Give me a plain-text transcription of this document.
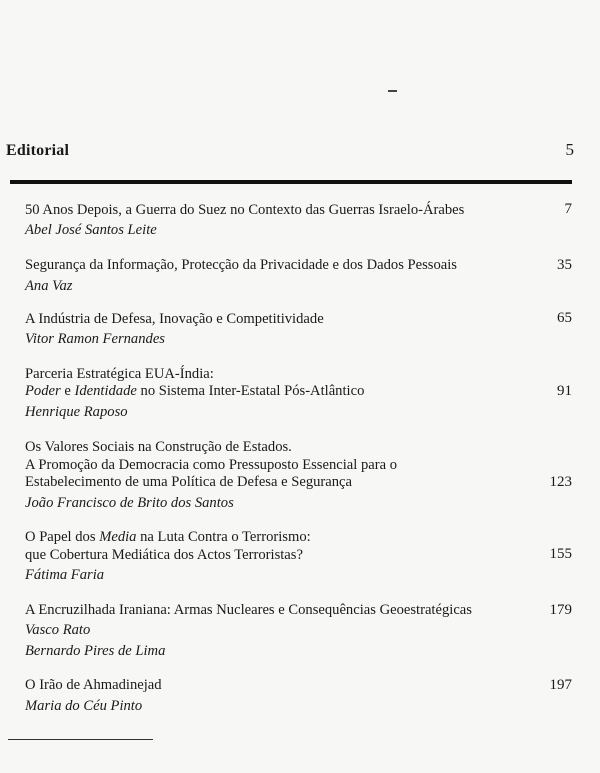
Editorial	5
50 Anos Depois, a Guerra do Suez no Contexto das Guerras Israelo-Árabes
Abel José Santos Leite
7
Segurança da Informação, Protecção da Privacidade e dos Dados Pessoais
Ana Vaz
35
A Indústria de Defesa, Inovação e Competitividade
Vitor Ramon Fernandes
65
Parceria Estratégica EUA-Índia:
Poder e Identidade no Sistema Inter-Estatal Pós-Atlântico
Henrique Raposo
91
Os Valores Sociais na Construção de Estados.
A Promoção da Democracia como Pressuposto Essencial para o
Estabelecimento de uma Política de Defesa e Segurança
João Francisco de Brito dos Santos
123
O Papel dos Media na Luta Contra o Terrorismo:
que Cobertura Mediática dos Actos Terroristas?
Fátima Faria
155
A Encruzilhada Iraniana: Armas Nucleares e Consequências Geoestratégicas
Vasco Rato
Bernardo Pires de Lima
179
O Irão de Ahmadinejad
Maria do Céu Pinto
197
